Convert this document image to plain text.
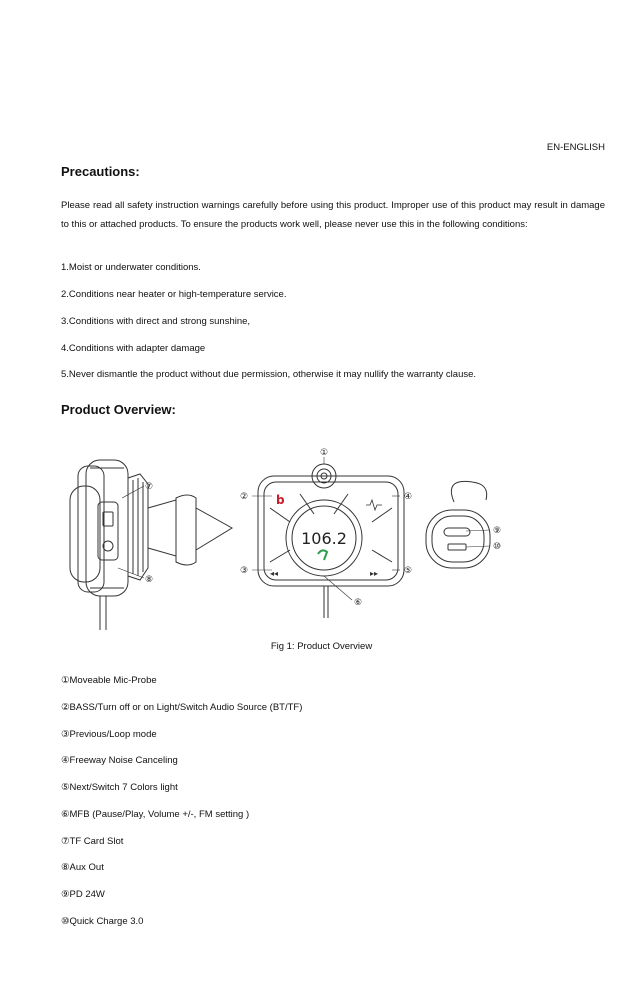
EN-ENGLISH
Precautions:
Please read all safety instruction warnings carefully before using this product. Improper use of this product may result in damage to this or attached products. To ensure the products work well, please never use this in the following conditions:
1.Moist or underwater conditions.
2.Conditions near heater or high-temperature service.
3.Conditions with direct and strong sunshine,
4.Conditions with adapter damage
5.Never dismantle the product without due permission, otherwise it may nullify the warranty clause.
Product Overview:
b
◂◂	▸▸
106.2
①
②
③
④
⑤
⑥
⑦
⑧
⑨
⑩
Fig 1: Product Overview
①Moveable Mic-Probe
②BASS/Turn off or on Light/Switch Audio Source (BT/TF)
③Previous/Loop mode
④Freeway Noise Canceling
⑤Next/Switch 7 Colors light
⑥MFB (Pause/Play, Volume +/-, FM setting )
⑦TF Card Slot
⑧Aux Out
⑨PD 24W
⑩Quick Charge 3.0
